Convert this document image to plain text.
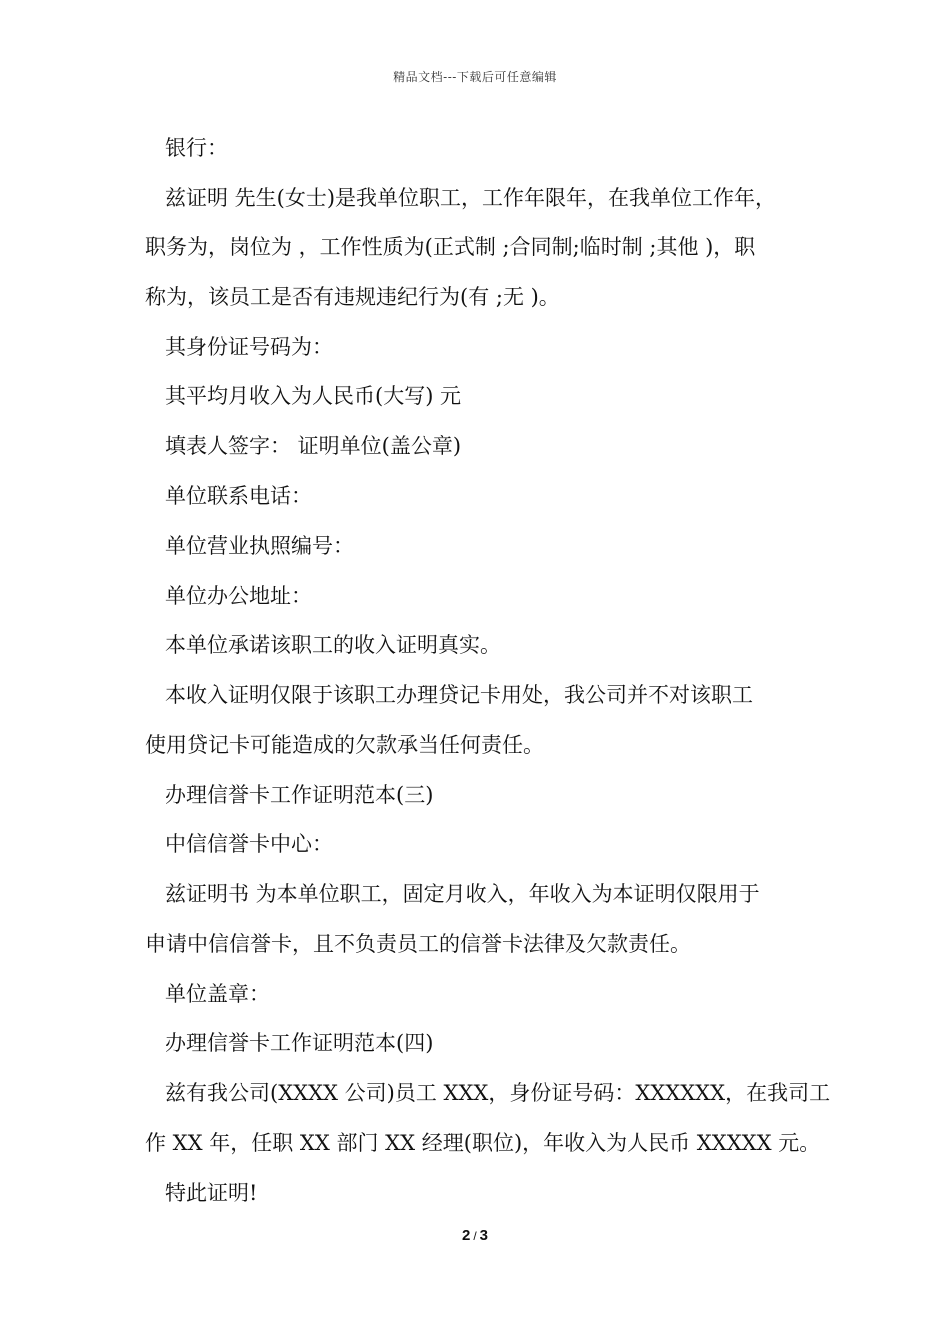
精品文档---下载后可任意编辑
银行：
兹证明 先生(女士)是我单位职工，工作年限年，在我单位工作年，
职务为，岗位为 ，工作性质为(正式制 ;合同制;临时制 ;其他 )，职
称为，该员工是否有违规违纪行为(有 ;无 )。
其身份证号码为：
其平均月收入为人民币(大写) 元
填表人签字： 证明单位(盖公章)
单位联系电话：
单位营业执照编号：
单位办公地址：
本单位承诺该职工的收入证明真实。
本收入证明仅限于该职工办理贷记卡用处，我公司并不对该职工
使用贷记卡可能造成的欠款承当任何责任。
办理信誉卡工作证明范本(三)
中信信誉卡中心：
兹证明书 为本单位职工，固定月收入，年收入为本证明仅限用于
申请中信信誉卡，且不负责员工的信誉卡法律及欠款责任。
单位盖章：
办理信誉卡工作证明范本(四)
兹有我公司(XXXX 公司)员工 XXX，身份证号码：XXXXXX，在我司工
作 XX 年，任职 XX 部门 XX 经理(职位)，年收入为人民币 XXXXX 元。
特此证明!
2 / 3
